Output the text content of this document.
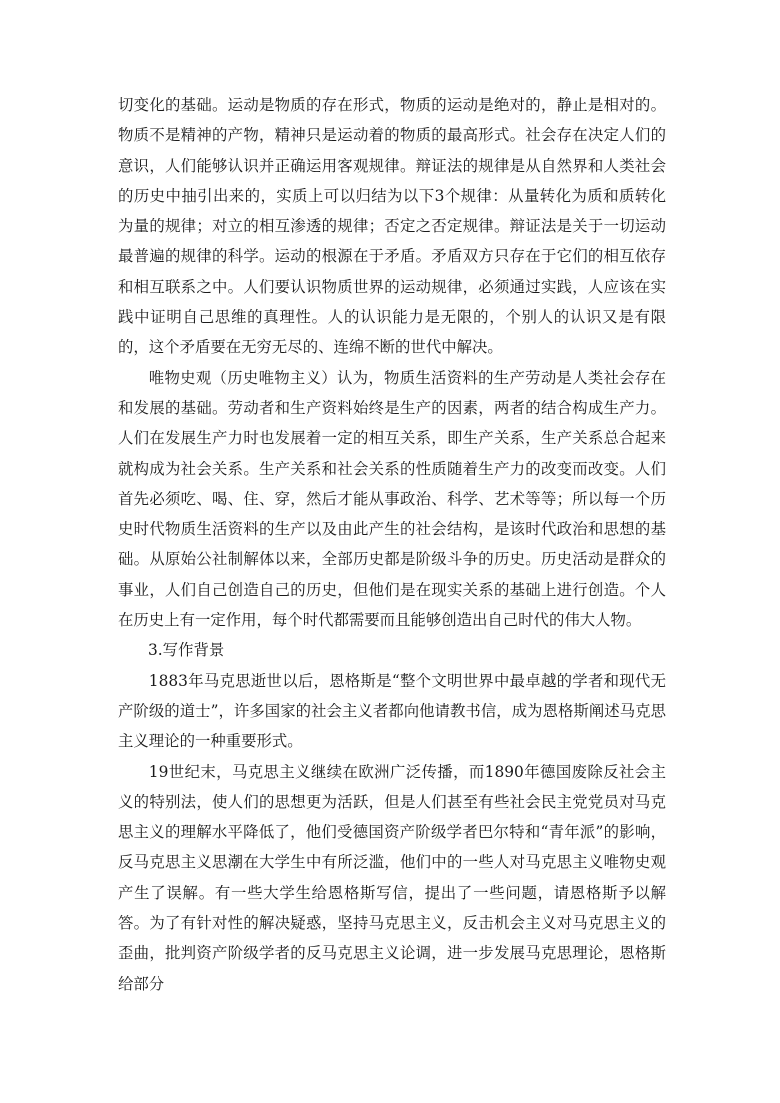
切变化的基础。运动是物质的存在形式，物质的运动是绝对的，静止是相对的。物质不是精神的产物，精神只是运动着的物质的最高形式。社会存在决定人们的意识，人们能够认识并正确运用客观规律。辩证法的规律是从自然界和人类社会的历史中抽引出来的，实质上可以归结为以下3个规律：从量转化为质和质转化为量的规律；对立的相互渗透的规律；否定之否定规律。辩证法是关于一切运动最普遍的规律的科学。运动的根源在于矛盾。矛盾双方只存在于它们的相互依存和相互联系之中。人们要认识物质世界的运动规律，必须通过实践，人应该在实践中证明自己思维的真理性。人的认识能力是无限的，个别人的认识又是有限的，这个矛盾要在无穷无尽的、连绵不断的世代中解决。

唯物史观（历史唯物主义）认为，物质生活资料的生产劳动是人类社会存在和发展的基础。劳动者和生产资料始终是生产的因素，两者的结合构成生产力。人们在发展生产力时也发展着一定的相互关系，即生产关系，生产关系总合起来就构成为社会关系。生产关系和社会关系的性质随着生产力的改变而改变。人们首先必须吃、喝、住、穿，然后才能从事政治、科学、艺术等等；所以每一个历史时代物质生活资料的生产以及由此产生的社会结构，是该时代政治和思想的基础。从原始公社制解体以来，全部历史都是阶级斗争的历史。历史活动是群众的事业，人们自己创造自己的历史，但他们是在现实关系的基础上进行创造。个人在历史上有一定作用，每个时代都需要而且能够创造出自己时代的伟大人物。

3.写作背景

1883年马克思逝世以后，恩格斯是“整个文明世界中最卓越的学者和现代无产阶级的道士”，许多国家的社会主义者都向他请教书信，成为恩格斯阐述马克思主义理论的一种重要形式。

19世纪末，马克思主义继续在欧洲广泛传播，而1890年德国废除反社会主义的特别法，使人们的思想更为活跃，但是人们甚至有些社会民主党党员对马克思主义的理解水平降低了，他们受德国资产阶级学者巴尔特和“青年派”的影响，反马克思主义思潮在大学生中有所泛滥，他们中的一些人对马克思主义唯物史观产生了误解。有一些大学生给恩格斯写信，提出了一些问题，请恩格斯予以解答。为了有针对性的解决疑惑，坚持马克思主义，反击机会主义对马克思主义的歪曲，批判资产阶级学者的反马克思主义论调，进一步发展马克思理论，恩格斯给部分
